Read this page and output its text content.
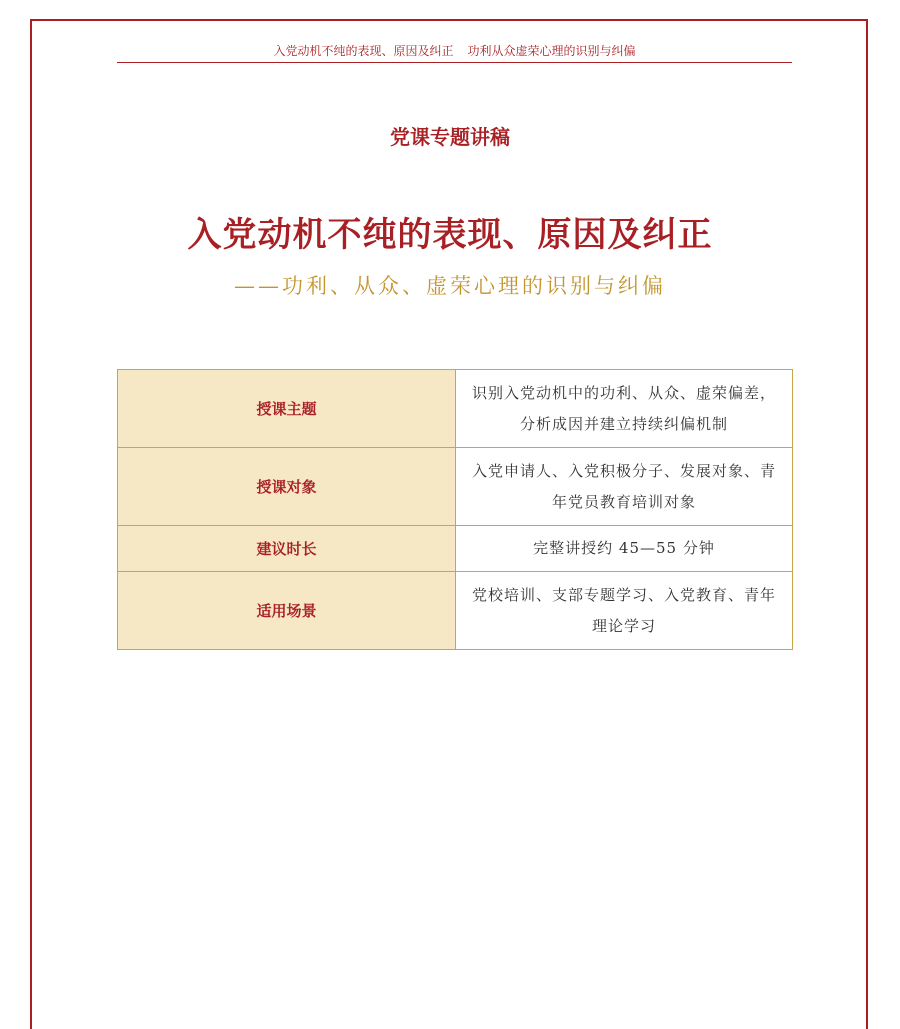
入党动机不纯的表现、原因及纠正 功利从众虚荣心理的识别与纠偏
党课专题讲稿
入党动机不纯的表现、原因及纠正
——功利、从众、虚荣心理的识别与纠偏
授课主题	识别入党动机中的功利、从众、虚荣偏差，分析成因并建立持续纠偏机制
授课对象	入党申请人、入党积极分子、发展对象、青年党员教育培训对象
建议时长	完整讲授约 45—55 分钟
适用场景	党校培训、支部专题学习、入党教育、青年理论学习
